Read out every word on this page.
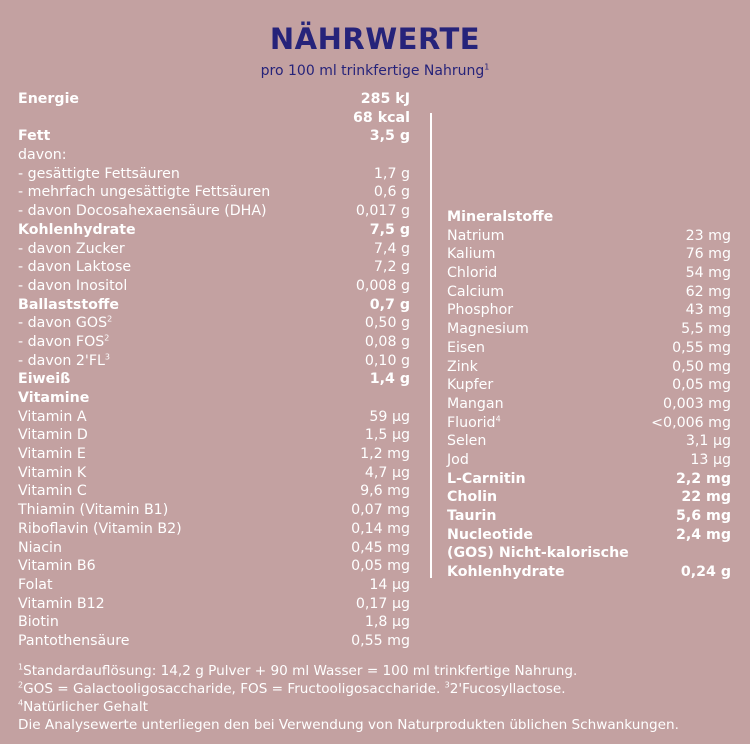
NÄHRWERTE
pro 100 ml trinkfertige Nahrung$^1$
Energie	285 kJ
68 kcal
Fett	3,5 g
davon:
- gesättigte Fettsäuren	1,7 g
- mehrfach ungesättigte Fettsäuren	0,6 g
- davon Docosahexaensäure (DHA)	0,017 g
Kohlenhydrate	7,5 g
- davon Zucker	7,4 g
- davon Laktose	7,2 g
- davon Inositol	0,008 g
Ballaststoffe	0,7 g
- davon GOS$^2$	0,50 g
- davon FOS$^2$	0,08 g
- davon $2'FL^3$	0,10 g
Eiweiß	1,4 g
Vitamine
Vitamin A	59 µg
Vitamin D	1,5 µg
Vitamin E	1,2 mg
Vitamin K	4,7 µg
Vitamin C	9,6 mg
Thiamin (Vitamin B1)	0,07 mg
Riboflavin (Vitamin B2)	0,14 mg
Niacin	0,45 mg
Vitamin B6	0,05 mg
Folat	14 µg
Vitamin B12	0,17 µg
Biotin	1,8 µg
Pantothensäure	0,55 mg
Mineralstoffe
Natrium	23 mg
Kalium	76 mg
Chlorid	54 mg
Calcium	62 mg
Phosphor	43 mg
Magnesium	5,5 mg
Eisen	0,55 mg
Zink	0,50 mg
Kupfer	0,05 mg
Mangan	0,003 mg
Fluorid$^4$	<0,006 mg
Selen	3,1 µg
Jod	13 µg
L-Carnitin	2,2 mg
Cholin	22 mg
Taurin	5,6 mg
Nucleotide	2,4 mg
(GOS) Nicht-kalorische
Kohlenhydrate	0,24 g
$^1$Standardauflösung: 14,2 g Pulver + 90 ml Wasser = 100 ml trinkfertige Nahrung.
$^2$GOS = Galactooligosaccharide, FOS = Fructooligosaccharide. $^3$2'Fucosyllactose.
$^4$Natürlicher Gehalt
Die Analysewerte unterliegen den bei Verwendung von Naturprodukten üblichen Schwankungen.
